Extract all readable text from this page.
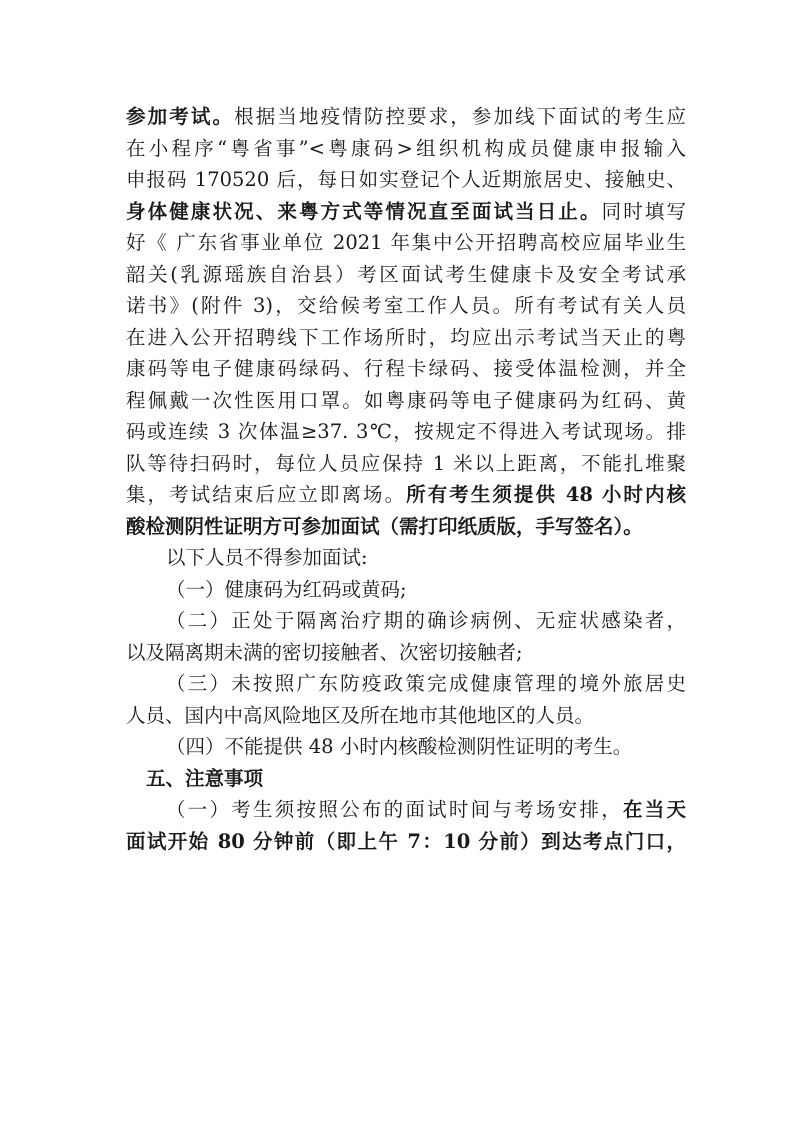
参加考试。根据当地疫情防控要求，参加线下面试的考生应
在小程序“粤省事”<粤康码>组织机构成员健康申报输入
申报码 170520 后，每日如实登记个人近期旅居史、接触史、
身体健康状况、来粤方式等情况直至面试当日止。同时填写
好《 广东省事业单位 2021 年集中公开招聘高校应届毕业生
韶关(乳源瑶族自治县）考区面试考生健康卡及安全考试承
诺书》(附件 3)，交给候考室工作人员。所有考试有关人员
在进入公开招聘线下工作场所时，均应出示考试当天止的粤
康码等电子健康码绿码、行程卡绿码、接受体温检测，并全
程佩戴一次性医用口罩。如粤康码等电子健康码为红码、黄
码或连续 3 次体温≥37. 3℃，按规定不得进入考试现场。排
队等待扫码时，每位人员应保持 1 米以上距离，不能扎堆聚
集，考试结束后应立即离场。所有考生须提供 48 小时内核
酸检测阴性证明方可参加面试（需打印纸质版，手写签名）。
以下人员不得参加面试:
（一）健康码为红码或黄码;
（二）正处于隔离治疗期的确诊病例、无症状感染者，
以及隔离期未满的密切接触者、次密切接触者;
（三）未按照广东防疫政策完成健康管理的境外旅居史
人员、国内中高风险地区及所在地市其他地区的人员。
（四）不能提供 48 小时内核酸检测阴性证明的考生。
五、注意事项
（一）考生须按照公布的面试时间与考场安排，在当天
面试开始 80 分钟前（即上午 7：10 分前）到达考点门口，
